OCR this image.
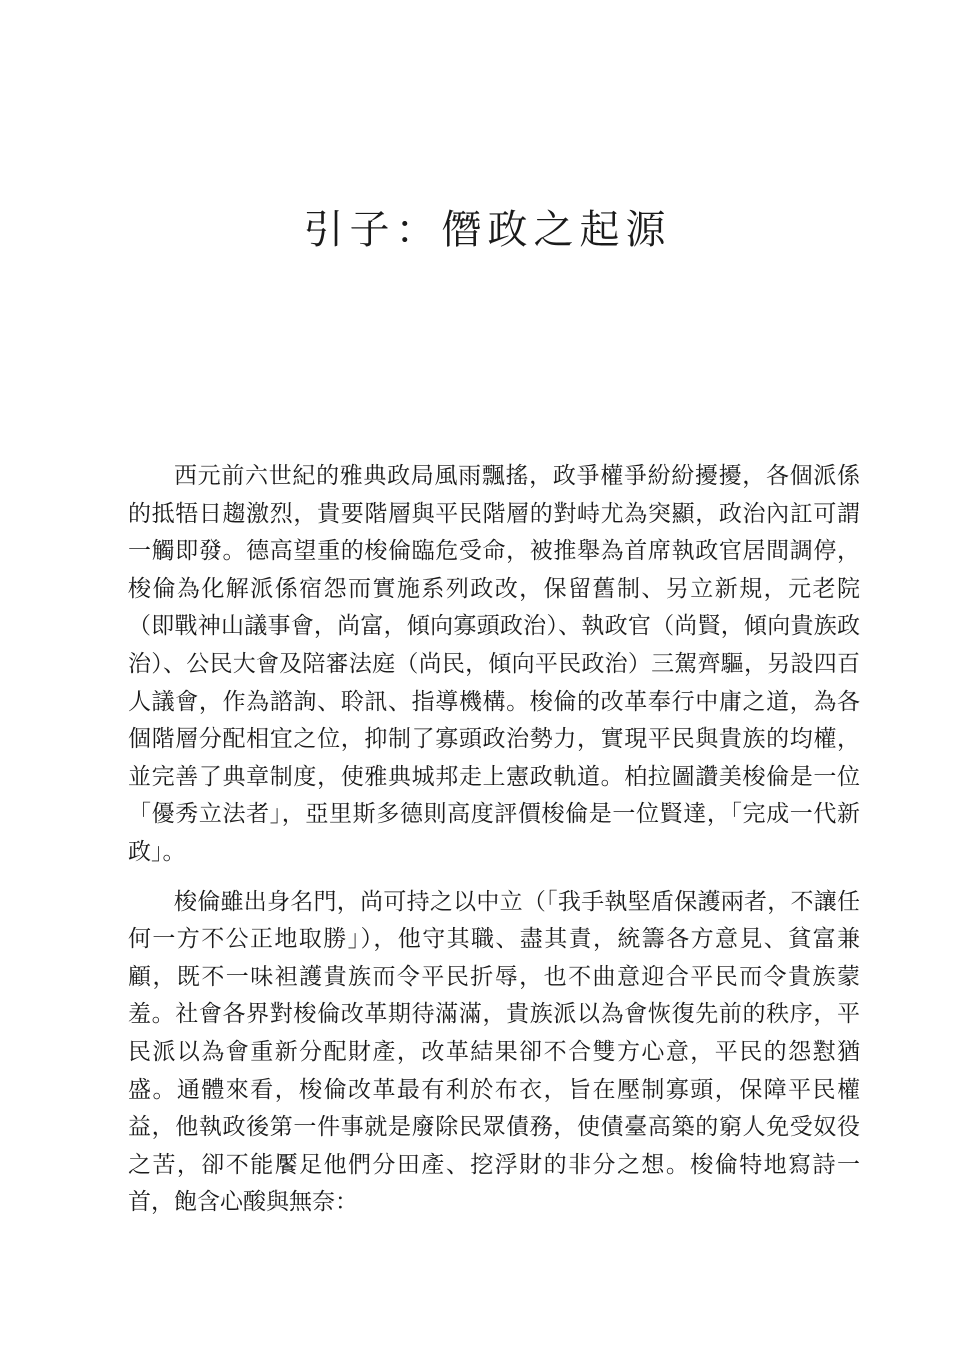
引子：僭政之起源

西元前六世紀的雅典政局風雨飄搖，政爭權爭紛紛擾擾，各個派係的抵牾日趨激烈，貴要階層與平民階層的對峙尤為突顯，政治內訌可謂一觸即發。德高望重的梭倫臨危受命，被推舉為首席執政官居間調停，梭倫為化解派係宿怨而實施系列政改，保留舊制、另立新規，元老院（即戰神山議事會，尚富，傾向寡頭政治）、執政官（尚賢，傾向貴族政治）、公民大會及陪審法庭（尚民，傾向平民政治）三駕齊驅，另設四百人議會，作為諮詢、聆訊、指導機構。梭倫的改革奉行中庸之道，為各個階層分配相宜之位，抑制了寡頭政治勢力，實現平民與貴族的均權，並完善了典章制度，使雅典城邦走上憲政軌道。柏拉圖讚美梭倫是一位「優秀立法者」，亞里斯多德則高度評價梭倫是一位賢達，「完成一代新政」。

梭倫雖出身名門，尚可持之以中立（「我手執堅盾保護兩者，不讓任何一方不公正地取勝」），他守其職、盡其責，統籌各方意見、貧富兼顧，既不一味袒護貴族而令平民折辱，也不曲意迎合平民而令貴族蒙羞。社會各界對梭倫改革期待滿滿，貴族派以為會恢復先前的秩序，平民派以為會重新分配財產，改革結果卻不合雙方心意，平民的怨懟猶盛。通體來看，梭倫改革最有利於布衣，旨在壓制寡頭，保障平民權益，他執政後第一件事就是廢除民眾債務，使債臺高築的窮人免受奴役之苦，卻不能饜足他們分田產、挖浮財的非分之想。梭倫特地寫詩一首，飽含心酸與無奈：
